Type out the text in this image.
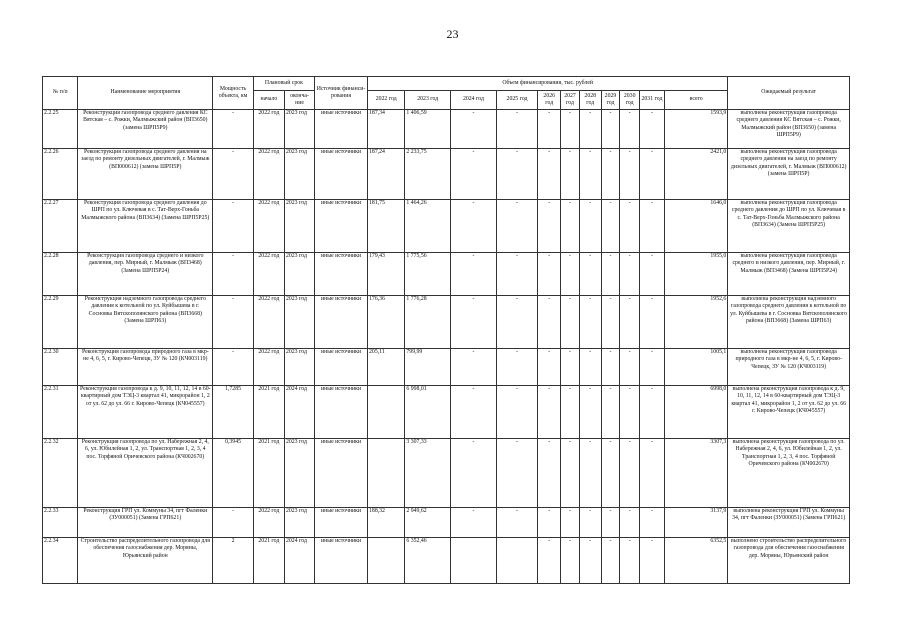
23
№ п/п	Наименование мероприятия	Мощность объекта, км	Плановый срок		Источник финанси-рования	Объем финансирования, тыс. рублей											Ожидаемый результат
			начало	оконча-ние		2022 год	2023 год	2024 год	2025 год	2026 год	2027 год	2028 год	2029 год	2030 год	2031 год	всего	
2.2.25	Реконструкция газопровода среднего давления КС Вятская – с. Рожки, Малмыжский район (ВП3650) (замена ШРП5Р9)	-	2022 год	2023 год	иные источники	187,34	1 406,59	-	-	-	-	-	-	-	-	1593,9	выполнена реконструкция газопровода среднего давления КС Вятская – с. Рожки, Малмыжский район (ВП3650) (замена ШРП5Р9)
2.2.26	Реконструкция газопровода среднего давления на заезд по ремонту дизельных двигателей, г. Малмыж (ВП000612) (замена ШРП5Р)	-	2022 год	2023 год	иные источники	187,24	2 233,75	-	-	-	-	-	-	-	-	2421,0	выполнена реконструкция газопровода среднего давления на заезд по ремонту дизельных двигателей, г. Малмыж (ВП000612) (замена ШРП5Р)
2.2.27	Реконструкция газопровода среднего давления до ШРП по ул. Ключевая в с. Тат-Верх-Гоньба Малмыжского района (ВП3634) (Замена ШРП5Р25)	-	2022 год	2023 год	иные источники	181,75	1 464,26	-	-	-	-	-	-	-	-	1646,0	выполнена реконструкция газопровода среднего давления до ШРП по ул. Ключевая в с. Тат-Верх-Гоньба Малмыжского района (ВП3634) (Замена ШРП5Р25)
2.2.28	Реконструкция газопровода среднего и низкого давления, пер. Мирный, г. Малмыж (ВП3468) (Замена ШРП5Р24)	-	2022 год	2023 год	иные источники	179,43	1 775,56	-	-	-	-	-	-	-	-	1955,0	выполнена реконструкция газопровода среднего и низкого давления, пер. Мирный, г. Малмыж (ВП3468) (Замена ШРП5Р24)
2.2.29	Реконструкция надземного газопровода среднего давления к котельной по ул. Куйбышева в г. Сосновка Вятскополянского района (ВП3668) (Замена ШРП63)	-	2022 год	2023 год	иные источники	176,36	1 776,28	-	-	-	-	-	-	-	-	1952,6	выполнена реконструкция надземного газопровода среднего давления к котельной по ул. Куйбышева в г. Сосновка Вятскополянского района (ВП3668) (Замена ШРП63)
2.2.30	Реконструкция газопровода природного газа в мкр-не 4, 6, 5, г. Кирово-Чепецк, ЗУ № 120 (КЧ003119)	-	2022 год	2023 год	иные источники	205,11	799,99	-	-	-	-	-	-	-	-	1005,1	выполнена реконструкция газопровода природного газа в мкр-не 4, 6, 5, г. Кирово-Чепецк, ЗУ № 120 (КЧ003119)
2.2.31	Реконструкция газопровода к д. 9, 10, 11, 12, 14 в 60-квартирный дом ТЭЦ-3 квартал 41, микрорайон 1, 2 от ул. 62 до ул. 66 г. Кирово-Чепецк (КЧ045557)	1,7285	2021 год	2024 год	иные источники		6 998,01	-	-	-	-	-	-	-	-	6998,0	выполнена реконструкция газопровода к д. 9, 10, 11, 12, 14 в 60-квартирный дом ТЭЦ-3 квартал 41, микрорайон 1, 2 от ул. 62 до ул. 66 г. Кирово-Чепецк (КЧ045557)
2.2.32	Реконструкция газопровода по ул. Набережная 2, 4, 6, ул. Юбилейная 1, 2, ул. Транспортная 1, 2, 3, 4 пос. Торфяной Оричевского района (КЧ002670)	0,3945	2021 год	2023 год	иные источники		3 307,33	-	-	-	-	-	-	-	-	3307,3	выполнена реконструкция газопровода по ул. Набережная 2, 4, 6, ул. Юбилейная 1, 2, ул. Транспортная 1, 2, 3, 4 пос. Торфяной Оричевского района (КЧ002670)
2.2.33	Реконструкция ГРП ул. Коммуны 34, пгт Фаленки (ЗУ000051) (Замена ГРП621)	-	2022 год	2023 год	иные источники	188,32	2 949,62	-	-	-	-	-	-	-	-	3137,9	выполнена реконструкция ГРП ул. Коммуны 34, пгт Фаленки (ЗУ000051) (Замена ГРП621)
2.2.34	Строительство распределительного газопровода для обеспечения газоснабжения дер. Моряны, Юрьянский район	2	2021 год	2024 год	иные источники		6 352,46			-	-	-	-	-	-	6352,5	выполнено строительство распределительного газопровода для обеспечения газоснабжения дер. Моряны, Юрьянский район
